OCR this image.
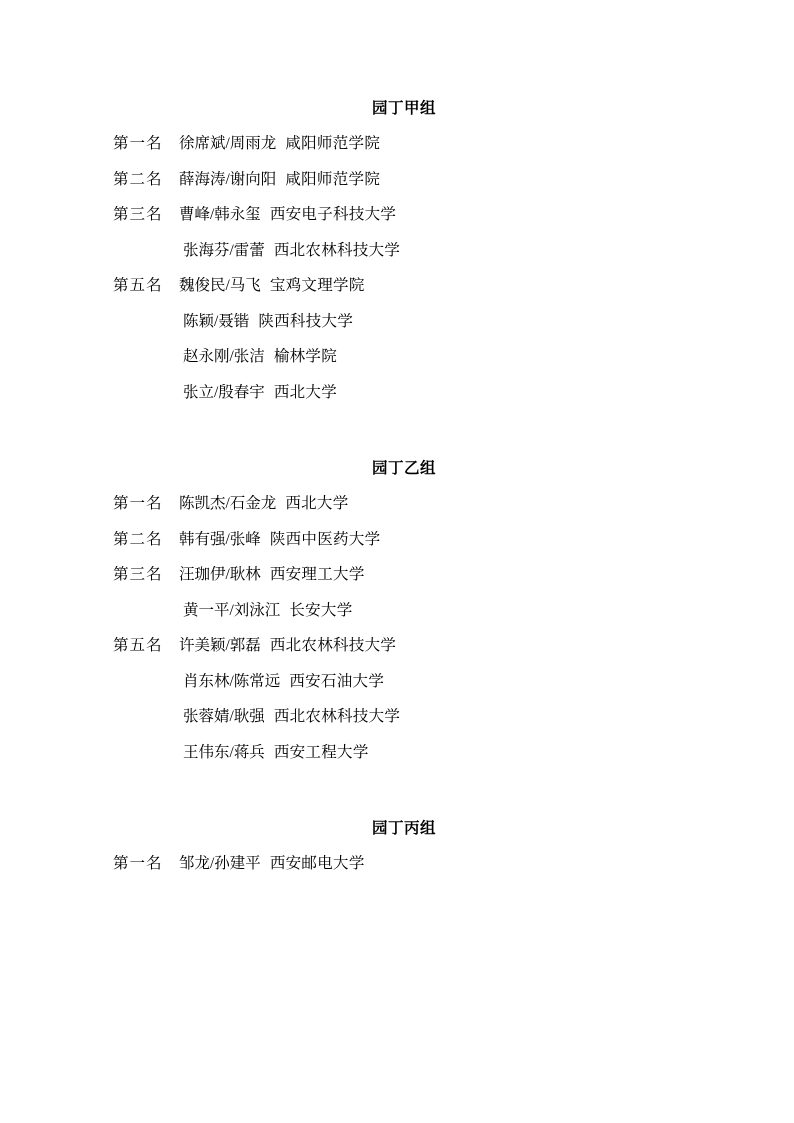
园丁甲组
第一名	徐席斌/周雨龙 咸阳师范学院
第二名	薛海涛/谢向阳 咸阳师范学院
第三名	曹峰/韩永玺 西安电子科技大学
张海芬/雷蕾 西北农林科技大学
第五名	魏俊民/马飞 宝鸡文理学院
陈颖/聂锴 陕西科技大学
赵永刚/张洁 榆林学院
张立/殷春宇 西北大学
园丁乙组
第一名	陈凯杰/石金龙 西北大学
第二名	韩有强/张峰 陕西中医药大学
第三名	汪珈伊/耿林 西安理工大学
黄一平/刘泳江 长安大学
第五名	许美颖/郭磊 西北农林科技大学
肖东林/陈常远 西安石油大学
张蓉婧/耿强 西北农林科技大学
王伟东/蒋兵 西安工程大学
园丁丙组
第一名	邹龙/孙建平 西安邮电大学
